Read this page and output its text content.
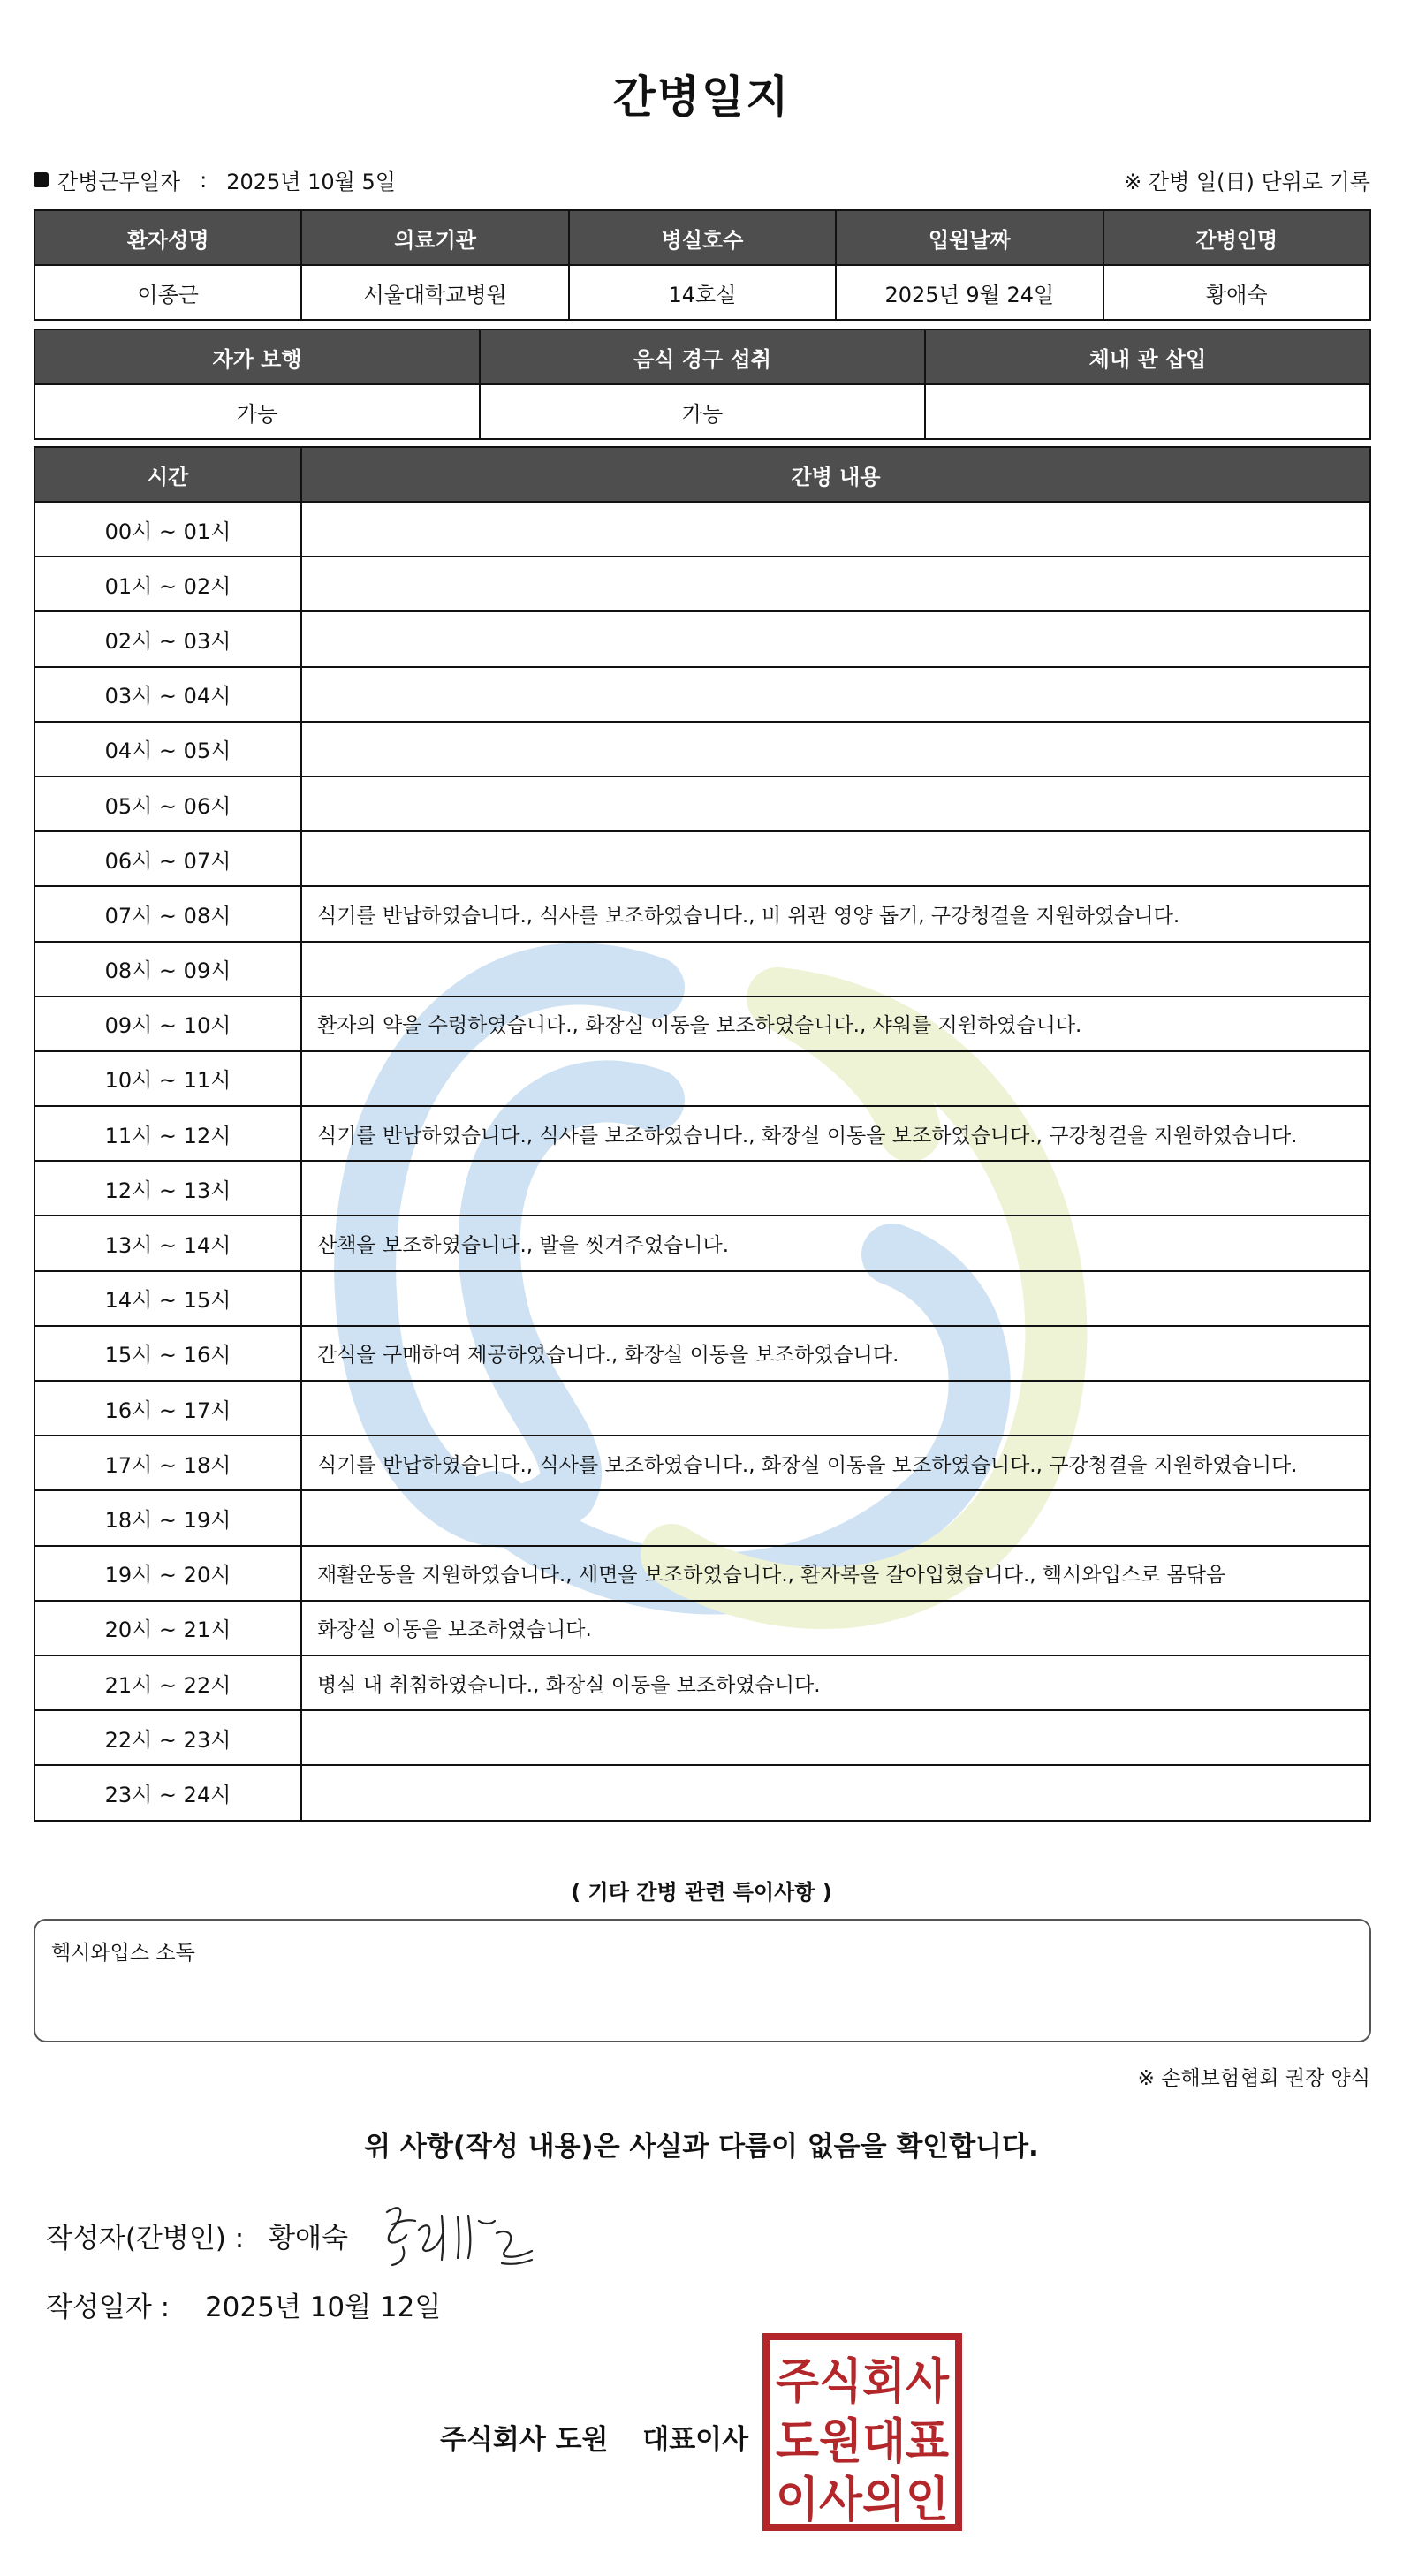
간병일지
간병근무일자 : 2025년 10월 5일	※ 간병 일(日) 단위로 기록
환자성명	의료기관	병실호수	입원날짜	간병인명
이종근	서울대학교병원	14호실	2025년 9월 24일	황애숙
자가 보행	음식 경구 섭취	체내 관 삽입
가능	가능	
시간	간병 내용
00시 ~ 01시	
01시 ~ 02시	
02시 ~ 03시	
03시 ~ 04시	
04시 ~ 05시	
05시 ~ 06시	
06시 ~ 07시	
07시 ~ 08시	식기를 반납하였습니다., 식사를 보조하였습니다., 비 위관 영양 돕기, 구강청결을 지원하였습니다.
08시 ~ 09시	
09시 ~ 10시	환자의 약을 수령하였습니다., 화장실 이동을 보조하였습니다., 샤워를 지원하였습니다.
10시 ~ 11시	
11시 ~ 12시	식기를 반납하였습니다., 식사를 보조하였습니다., 화장실 이동을 보조하였습니다., 구강청결을 지원하였습니다.
12시 ~ 13시	
13시 ~ 14시	산책을 보조하였습니다., 발을 씻겨주었습니다.
14시 ~ 15시	
15시 ~ 16시	간식을 구매하여 제공하였습니다., 화장실 이동을 보조하였습니다.
16시 ~ 17시	
17시 ~ 18시	식기를 반납하였습니다., 식사를 보조하였습니다., 화장실 이동을 보조하였습니다., 구강청결을 지원하였습니다.
18시 ~ 19시	
19시 ~ 20시	재활운동을 지원하였습니다., 세면을 보조하였습니다., 환자복을 갈아입혔습니다., 헥시와입스로 몸닦음
20시 ~ 21시	화장실 이동을 보조하였습니다.
21시 ~ 22시	병실 내 취침하였습니다., 화장실 이동을 보조하였습니다.
22시 ~ 23시	
23시 ~ 24시	
( 기타 간병 관련 특이사항 )
헥시와입스 소독
※ 손해보험협회 권장 양식
위 사항(작성 내용)은 사실과 다름이 없음을 확인합니다.
작성자(간병인) : 황애숙
작성일자 : 2025년 10월 12일
주식회사 도원 대표이사
주식회사
도원대표
이사의인
